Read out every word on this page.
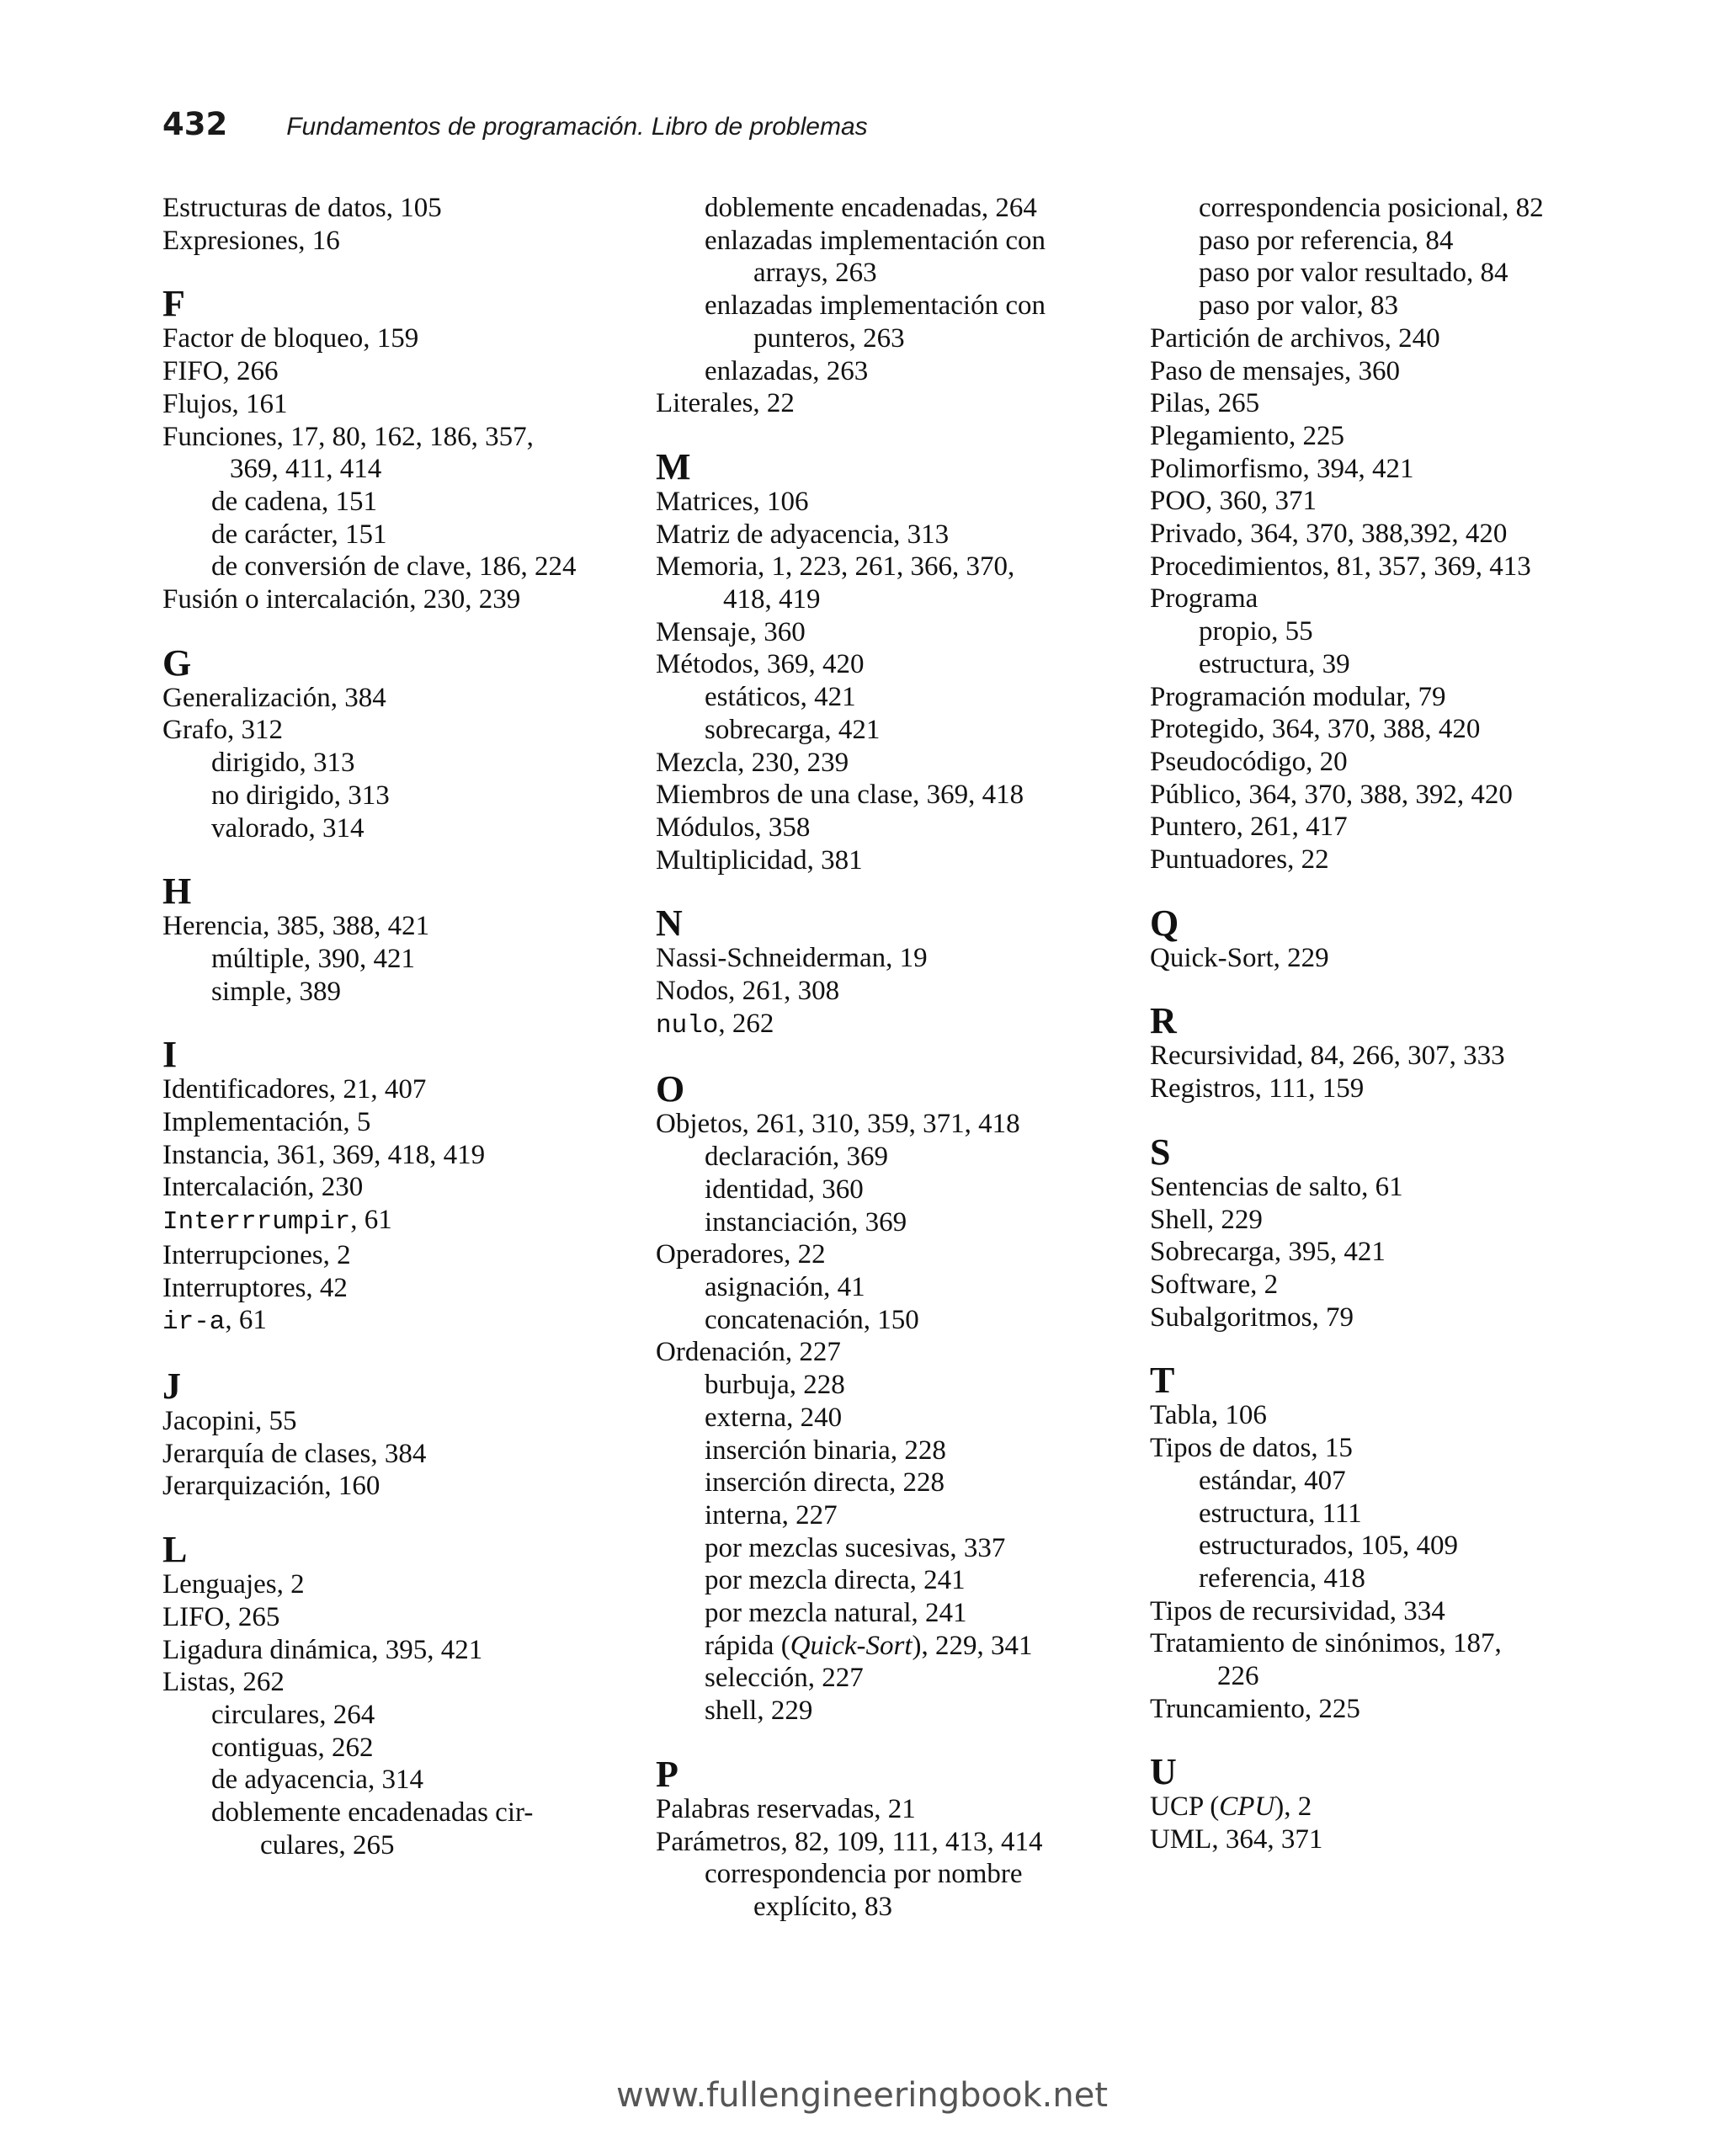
432 Fundamentos de programación. Libro de problemas
Estructuras de datos, 105
Expresiones, 16
F
Factor de bloqueo, 159
FIFO, 266
Flujos, 161
Funciones, 17, 80, 162, 186, 357,
369, 411, 414
de cadena, 151
de carácter, 151
de conversión de clave, 186, 224
Fusión o intercalación, 230, 239
G
Generalización, 384
Grafo, 312
dirigido, 313
no dirigido, 313
valorado, 314
H
Herencia, 385, 388, 421
múltiple, 390, 421
simple, 389
I
Identificadores, 21, 407
Implementación, 5
Instancia, 361, 369, 418, 419
Intercalación, 230
Interrrumpir, 61
Interrupciones, 2
Interruptores, 42
ir-a, 61
J
Jacopini, 55
Jerarquía de clases, 384
Jerarquización, 160
L
Lenguajes, 2
LIFO, 265
Ligadura dinámica, 395, 421
Listas, 262
circulares, 264
contiguas, 262
de adyacencia, 314
doblemente encadenadas cir-
culares, 265
doblemente encadenadas, 264
enlazadas implementación con
arrays, 263
enlazadas implementación con
punteros, 263
enlazadas, 263
Literales, 22
M
Matrices, 106
Matriz de adyacencia, 313
Memoria, 1, 223, 261, 366, 370,
418, 419
Mensaje, 360
Métodos, 369, 420
estáticos, 421
sobrecarga, 421
Mezcla, 230, 239
Miembros de una clase, 369, 418
Módulos, 358
Multiplicidad, 381
N
Nassi-Schneiderman, 19
Nodos, 261, 308
nulo, 262
O
Objetos, 261, 310, 359, 371, 418
declaración, 369
identidad, 360
instanciación, 369
Operadores, 22
asignación, 41
concatenación, 150
Ordenación, 227
burbuja, 228
externa, 240
inserción binaria, 228
inserción directa, 228
interna, 227
por mezclas sucesivas, 337
por mezcla directa, 241
por mezcla natural, 241
rápida (Quick-Sort), 229, 341
selección, 227
shell, 229
P
Palabras reservadas, 21
Parámetros, 82, 109, 111, 413, 414
correspondencia por nombre
explícito, 83
correspondencia posicional, 82
paso por referencia, 84
paso por valor resultado, 84
paso por valor, 83
Partición de archivos, 240
Paso de mensajes, 360
Pilas, 265
Plegamiento, 225
Polimorfismo, 394, 421
POO, 360, 371
Privado, 364, 370, 388,392, 420
Procedimientos, 81, 357, 369, 413
Programa
propio, 55
estructura, 39
Programación modular, 79
Protegido, 364, 370, 388, 420
Pseudocódigo, 20
Público, 364, 370, 388, 392, 420
Puntero, 261, 417
Puntuadores, 22
Q
Quick-Sort, 229
R
Recursividad, 84, 266, 307, 333
Registros, 111, 159
S
Sentencias de salto, 61
Shell, 229
Sobrecarga, 395, 421
Software, 2
Subalgoritmos, 79
T
Tabla, 106
Tipos de datos, 15
estándar, 407
estructura, 111
estructurados, 105, 409
referencia, 418
Tipos de recursividad, 334
Tratamiento de sinónimos, 187,
226
Truncamiento, 225
U
UCP (CPU), 2
UML, 364, 371
www.fullengineeringbook.net
